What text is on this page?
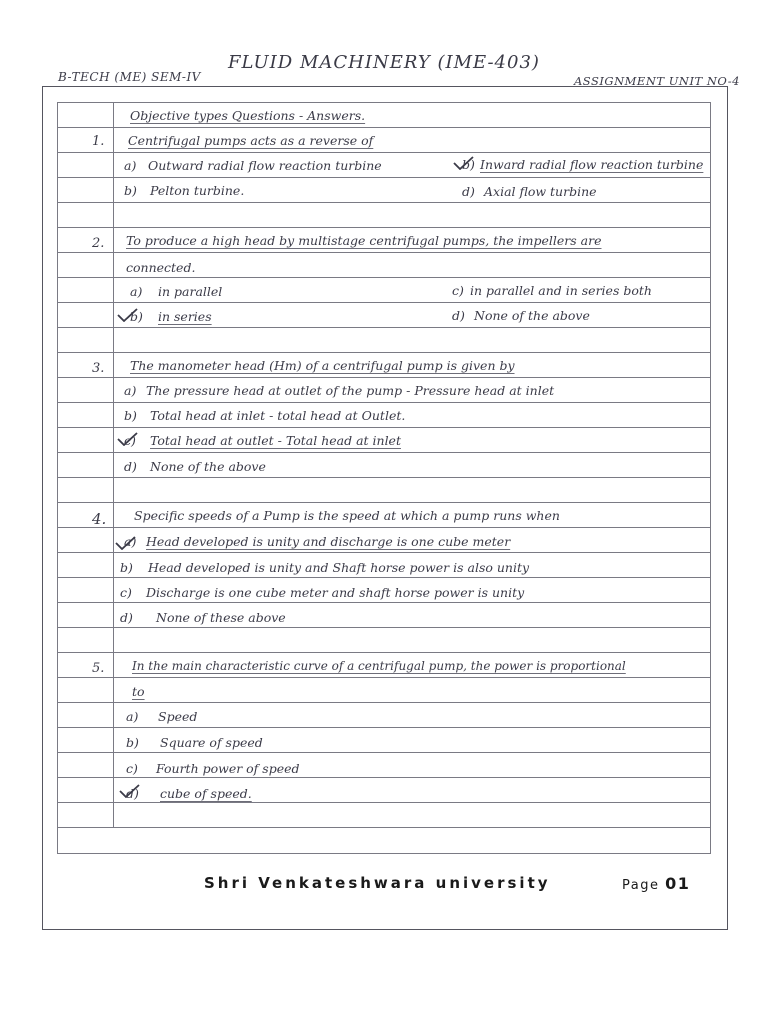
FLUID MACHINERY (IME-403)
B-TECH (ME) SEM-IV	ASSIGNMENT UNIT NO-4
Objective types Questions - Answers.
1. Centrifugal pumps acts as a reverse of
a) Outward radial flow reaction turbine	b) Inward radial flow reaction turbine
b) Pelton turbine.	d) Axial flow turbine
2. To produce a high head by multistage centrifugal pumps, the impellers are
connected.
a) in parallel	c) in parallel and in series both
b) in series	d) None of the above
3. The manometer head (Hm) of a centrifugal pump is given by
a) The pressure head at outlet of the pump - Pressure head at inlet
b) Total head at inlet - total head at Outlet.
c) Total head at outlet - Total head at inlet
d) None of the above
4. Specific speeds of a Pump is the speed at which a pump runs when
a) Head developed is unity and discharge is one cube meter
b) Head developed is unity and Shaft horse power is also unity
c) Discharge is one cube meter and shaft horse power is unity
d) None of these above
5. In the main characteristic curve of a centrifugal pump, the power is proportional
to
a) Speed
b) Square of speed
c) Fourth power of speed
d) cube of speed.
Shri Venkateshwara university	Page 01
